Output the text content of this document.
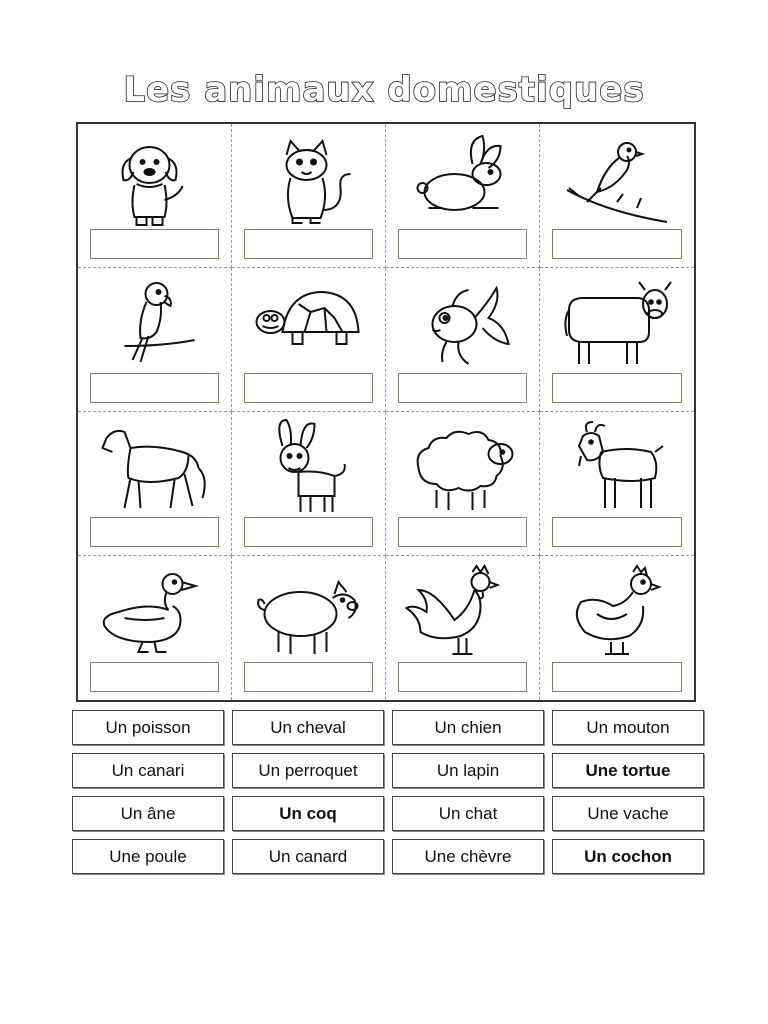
Les animaux domestiques
Un poisson	Un cheval	Un chien	Un mouton
Un canari	Un perroquet	Un lapin	Une tortue
Un âne	Un coq	Un chat	Une vache
Une poule	Un canard	Une chèvre	Un cochon
